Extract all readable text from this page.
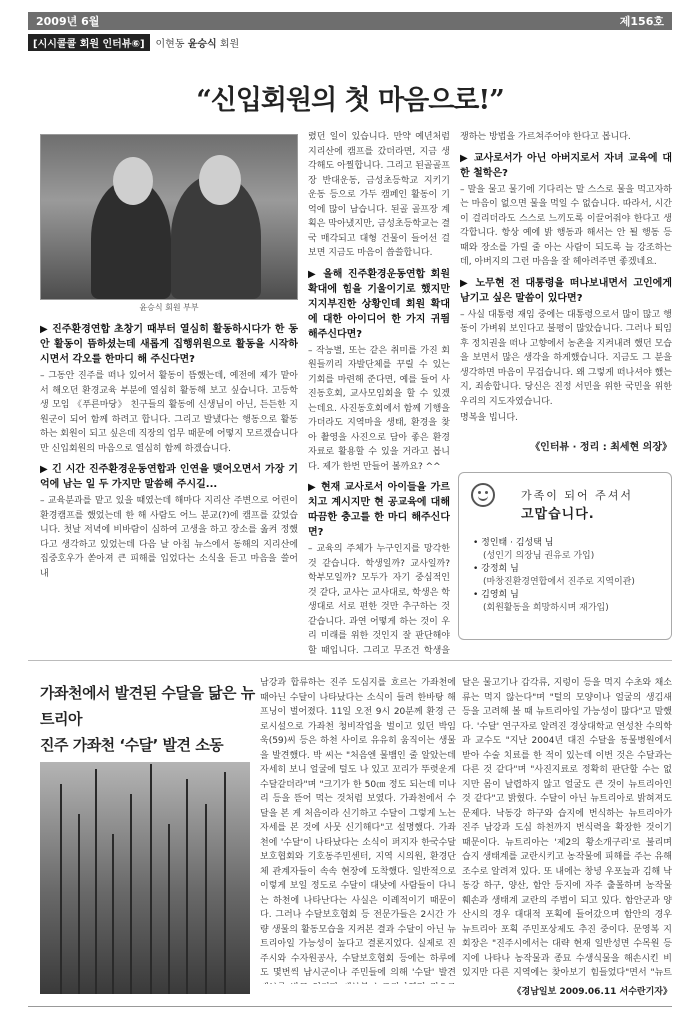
2009년 6월	제156호
[시시콜콜 회원 인터뷰⑥]	이현동 윤승식 회원
“신입회원의 첫 마음으로!”
윤승식 회원 부부

▶ 진주환경연합 초창기 때부터 열심히 활동하시다가 한 동안 활동이 뜸하셨는데 새롭게 집행위원으로 활동을 시작하시면서 각오를 한마디 해 주신다면?

– 그동안 진주를 떠나 있어서 활동이 뜸했는데, 예전에 제가 맡아서 해오던 환경교육 부분에 열심히 활동해 보고 싶습니다. 고등학생 모임 《푸른마당》 친구들의 활동에 신생님이 아닌, 든든한 지원군이 되어 함께 하려고 합니다. 그리고 발냈다는 행동으로 활동하는 회원이 되고 싶은데 직장의 업무 때문에 어떻지 모르겠습니다만 신입회원의 마음으로 열심히 함께 하겠습니다.

▶ 긴 시간 진주환경운동연합과 인연을 맺어오면서 가장 기억에 남는 일 두 가지만 말씀해 주시길...

– 교육분과를 맡고 있을 때였는데 해마다 지리산 주변으로 어린이 환경캠프를 했었는데 한 해 사람도 어느 분교(?)에 캠프를 갔었습니다. 첫날 저녁에 비바람이 심하여 고생을 하고 장소를 옮켜 정했다고 생각하고 있었는데 다음 날 아침 뉴스에서 동해의 지리산에 집중호우가 쏟아져 큰 피해를 입었다는 소식을 듣고 마음을 쓸어 내

렸던 일이 있습니다. 만약 예년처럼 지리산에 캠프를 갔더라면, 지금 생각해도 아찔합니다. 그리고 된골골프장 반대운동, 금성초등학교 지키기 운동 등으로 가두 캠페인 활동이 기억에 많이 남습니다. 된골 골프장 계획은 막아냈지만, 금성초등학교는 결국 매각되고 대형 건물이 들어선 걸 보면 지금도 마음이 씁쓸합니다.

▶ 올해 진주환경운동연합 회원 확대에 힘을 기울이기로 했지만 지지부진한 상황인데 회원 확대에 대한 아이디어 한 가지 귀띔 해주신다면?

– 작능별, 또는 같은 취미를 가진 회원들끼리 자발단체를 꾸릴 수 있는 기회를 마련해 준다면, 예를 들어 사진동호회, 교사모임회을 할 수 있겠는데요. 사진동호회에서 함께 기행을 가더라도 지역마을 생태, 환경을 찾아 촬영을 사진으로 담아 좋은 환경자료로 활용할 수 있을 거라고 봅니다. 제가 한번 만들어 볼까요? ^^

▶ 현재 교사로서 아이들을 가르치고 계시지만 현 공교육에 대해 따끔한 충고를 한 마디 해주신다면?

– 교육의 주체가 누구인지를 망각한 것 같습니다. 학생일까? 교사일까? 학부모일까? 모두가 자기 중심적인 것 같다, 교사는 교사대로, 학생은 학생대로 서로 편한 것만 추구하는 것 같습니다. 과연 어떻게 하는 것이 우리 미래를 위한 것인지 잘 판단해야 할 때입니다. 그리고 무조건 학생을

쟁하는 방법을 가르쳐주어야 한다고 봅니다.

▶ 교사로서가 아닌 아버지로서 자녀 교육에 대한 철학은?

– 말을 물고 물기에 기다리는 말 스스로 물을 먹고자하는 마음이 없으면 물을 먹일 수 없습니다. 따라서, 시간이 걸리더라도 스스로 느끼도록 이끌어줘야 한다고 생각합니다. 항상 예에 밝 행동과 해서는 안 될 행동 등 때와 장소를 가릴 줄 아는 사람이 되도록 늘 강조하는데, 아버지의 그런 마음을 잘 헤아려주면 좋겠네요.

▶ 노무현 전 대통령을 떠나보내면서 고인에게 남기고 싶은 말씀이 있다면?

– 사실 대통령 재임 중에는 대통령으로서 많이 많고 행동이 가벼워 보인다고 불평이 많았습니다. 그러나 퇴임 후 정치권을 떠나 고향에서 농촌을 지켜내려 했던 모습을 보면서 많은 생각을 하게했습니다. 지금도 그 분을 생각하면 마음이 무겁습니다. 왜 그렇게 떠나셔야 했는지, 죄송합니다. 당신은 진정 서민을 위한 국민을 위한 우리의 지도자였습니다.

명복을 빕니다.

《인터뷰 · 정리 : 최세현 의장》
가족이 되어 주셔서
고맙습니다.
• 정인태 · 김성택 님
(성인기 의장님 권유로 가입)
• 강정희 님
(마창진환경연합에서 진주로 지역이관)
• 김영희 님
(회원활동을 희망하시며 재가입)
가좌천에서 발견된 수달을 닮은 뉴트리아
진주 가좌천 ‘수달’ 발견 소동

남강과 합류하는 진주 도심지를 흐르는 가좌천에 때아닌 수달이 나타났다는 소식이 들려 한바탕 해프닝이 벌어졌다. 11일 오전 9시 20분께 환경 근로시설으로 가좌천 청비작업을 벌이고 있던 박임욱(59)씨 등은 하천 사이로 유유히 움직이는 생물을 발견했다. 박 씨는 "처음엔 물뱀인 줄 알았는데 자세히 보니 얼굴에 털도 나 있고 꼬리가 뚜렷운게 수달같더라"며 "크기가 한 50㎝ 정도 되는데 미나리 등을 뜯어 먹는 것처럼 보였다. 가좌천에서 수달을 본 게 처음이라 신기하고 수달이 그렇게 노는 자세를 본 것에 사뭇 신기해다"고 설명했다. 가좌천에 '수달'이 나타났다는 소식이 퍼지자 한국수달보호협회와 기호동주민센터, 지역 시의원, 환경단체 관계자들이 속속 현장에 도착했다. 일반적으로 이렇게 보일 정도로 수달이 대낮에 사람들이 다니는 하천에 나타난다는 사실은 이례적이기 때문이다. 그러나 수달보호협회 등 전문가들은 2시간 가량 생물의 활동모습을 지켜본 결과 수달이 아닌 뉴트리아일 가능성이 높다고 결론지었다. 실제로 진주시와 수자원공사, 수달보호협회 등에는 하루에도 몇번씩 남시군이나 주민들에 의해 '수달' 발견

달은 물고기나 갑각류, 지렁이 등을 먹지 수초와 채소류는 먹지 않는다"며 "털의 모양이나 얼굴의 생김새 등을 고려해 볼 때 뉴트리아일 가능성이 많다"고 말했다. '수달' 연구자로 알려진 경상대학교 연성찬 수의학과 교수도 "지난 2004년 대진 수달을 동물병원에서 받아 수술 치료를 한 적이 있는데 이번 것은 수달과는 다른 것 같다"며 "사진지료로 정확히 판단할 수는 없지만 몸이 날렵하지 않고 얼굴도 큰 것이 뉴트리아인 것 같다"고 밝혔다. 수달이 아닌 뉴트리아로 밝혀져도 문제다. 낙동강 하구와 습지에 번식하는 뉴트리아가 진주 남강과 도심 하천까지 번식력을 확장한 것이기 때문이다. 뉴트리아는 '제2의 황소개구리'로 불리며 습지 생태계를 교란시키고 농작물에 피해를 주는 유해조수로 알려져 있다. 또 내에는 창녕 우포늪과 김해 낙동강 하구, 양산, 함안 등지에 자주 출몰하며 농작물 훼손과 생태계 교란의 주범이 되고 있다. 함안군과 양산시의 경우 대대적 포획에 들어갔으며 함안의 경우 뉴트리아 포획 주민포상제도 추진 중이다. 문영복 지회장은 "진주시에서는 대략 현재 일반성면 수목원 등지에 나타나 농작물과 종묘 수생식물을 해손시킨 비 있지만 다른 지역에는 찾아보기 힘들었다"면서 "뉴트

《경남일보 2009.06.11 서수란기자》
